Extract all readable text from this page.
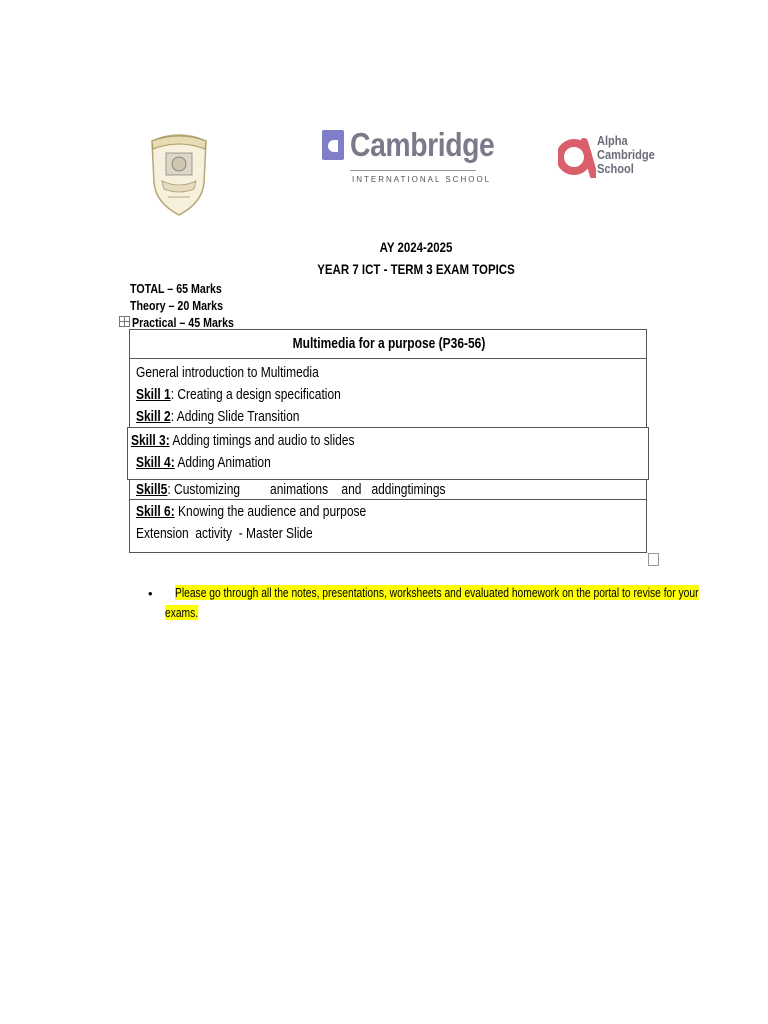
Cambridge
INTERNATIONAL SCHOOL
Alpha
Cambridge
School
AY 2024-2025
YEAR 7 ICT - TERM 3 EXAM TOPICS
TOTAL – 65 Marks
Theory – 20 Marks
Practical – 45 Marks
Multimedia for a purpose (P36-56)
General introduction to Multimedia
Skill 1: Creating a design specification
Skill 2: Adding Slide Transition
Skill 3: Adding timings and audio to slides
Skill 4: Adding Animation
Skill5: Customizing         animations    and   addingtimings
Skill 6: Knowing the audience and purpose
Extension  activity  - Master Slide
• Please go through all the notes, presentations, worksheets and evaluated homework on the portal to revise for your
exams.
